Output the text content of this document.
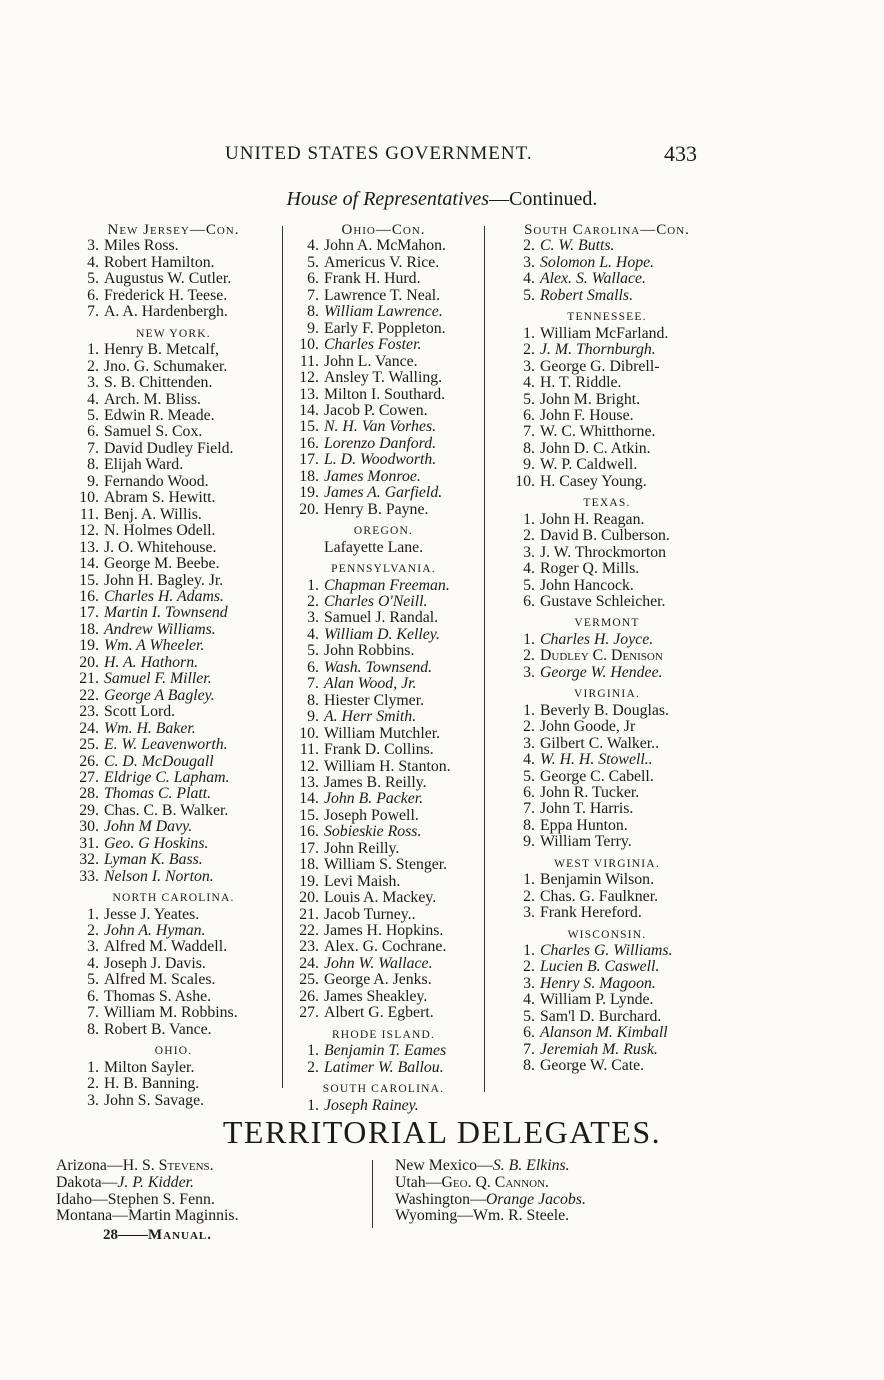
UNITED STATES GOVERNMENT.	433
House of Representatives—Continued.
New Jersey—Con.
3. Miles Ross.
4. Robert Hamilton.
5. Augustus W. Cutler.
6. Frederick H. Teese.
7. A. A. Hardenbergh.
NEW YORK.
1. Henry B. Metcalf,
2. Jno. G. Schumaker.
3. S. B. Chittenden.
4. Arch. M. Bliss.
5. Edwin R. Meade.
6. Samuel S. Cox.
7. David Dudley Field.
8. Elijah Ward.
9. Fernando Wood.
10. Abram S. Hewitt.
11. Benj. A. Willis.
12. N. Holmes Odell.
13. J. O. Whitehouse.
14. George M. Beebe.
15. John H. Bagley. Jr.
16. Charles H. Adams.
17. Martin I. Townsend
18. Andrew Williams.
19. Wm. A Wheeler.
20. H. A. Hathorn.
21. Samuel F. Miller.
22. George A Bagley.
23. Scott Lord.
24. Wm. H. Baker.
25. E. W. Leavenworth.
26. C. D. McDougall
27. Eldrige C. Lapham.
28. Thomas C. Platt.
29. Chas. C. B. Walker.
30. John M Davy.
31. Geo. G Hoskins.
32. Lyman K. Bass.
33. Nelson I. Norton.
NORTH CAROLINA.
1. Jesse J. Yeates.
2. John A. Hyman.
3. Alfred M. Waddell.
4. Joseph J. Davis.
5. Alfred M. Scales.
6. Thomas S. Ashe.
7. William M. Robbins.
8. Robert B. Vance.
OHIO.
1. Milton Sayler.
2. H. B. Banning.
3. John S. Savage.
Ohio—Con.
4. John A. McMahon.
5. Americus V. Rice.
6. Frank H. Hurd.
7. Lawrence T. Neal.
8. William Lawrence.
9. Early F. Poppleton.
10. Charles Foster.
11. John L. Vance.
12. Ansley T. Walling.
13. Milton I. Southard.
14. Jacob P. Cowen.
15. N. H. Van Vorhes.
16. Lorenzo Danford.
17. L. D. Woodworth.
18. James Monroe.
19. James A. Garfield.
20. Henry B. Payne.
OREGON.
Lafayette Lane.
PENNSYLVANIA.
1. Chapman Freeman.
2. Charles O'Neill.
3. Samuel J. Randal.
4. William D. Kelley.
5. John Robbins.
6. Wash. Townsend.
7. Alan Wood, Jr.
8. Hiester Clymer.
9. A. Herr Smith.
10. William Mutchler.
11. Frank D. Collins.
12. William H. Stanton.
13. James B. Reilly.
14. John B. Packer.
15. Joseph Powell.
16. Sobieskie Ross.
17. John Reilly.
18. William S. Stenger.
19. Levi Maish.
20. Louis A. Mackey.
21. Jacob Turney..
22. James H. Hopkins.
23. Alex. G. Cochrane.
24. John W. Wallace.
25. George A. Jenks.
26. James Sheakley.
27. Albert G. Egbert.
RHODE ISLAND.
1. Benjamin T. Eames
2. Latimer W. Ballou.
SOUTH CAROLINA.
1. Joseph Rainey.
South Carolina—Con.
2. C. W. Butts.
3. Solomon L. Hope.
4. Alex. S. Wallace.
5. Robert Smalls.
TENNESSEE.
1. William McFarland.
2. J. M. Thornburgh.
3. George G. Dibrell-
4. H. T. Riddle.
5. John M. Bright.
6. John F. House.
7. W. C. Whitthorne.
8. John D. C. Atkin.
9. W. P. Caldwell.
10. H. Casey Young.
TEXAS.
1. John H. Reagan.
2. David B. Culberson.
3. J. W. Throckmorton
4. Roger Q. Mills.
5. John Hancock.
6. Gustave Schleicher.
VERMONT
1. Charles H. Joyce.
2. Dudley C. Denison
3. George W. Hendee.
VIRGINIA.
1. Beverly B. Douglas.
2. John Goode, Jr
3. Gilbert C. Walker..
4. W. H. H. Stowell..
5. George C. Cabell.
6. John R. Tucker.
7. John T. Harris.
8. Eppa Hunton.
9. William Terry.
WEST VIRGINIA.
1. Benjamin Wilson.
2. Chas. G. Faulkner.
3. Frank Hereford.
WISCONSIN.
1. Charles G. Williams.
2. Lucien B. Caswell.
3. Henry S. Magoon.
4. William P. Lynde.
5. Sam'l D. Burchard.
6. Alanson M. Kimball
7. Jeremiah M. Rusk.
8. George W. Cate.
TERRITORIAL DELEGATES.
Arizona—H. S. Stevens.
Dakota—J. P. Kidder.
Idaho—Stephen S. Fenn.
Montana—Martin Maginnis.
New Mexico—S. B. Elkins.
Utah—Geo. Q. Cannon.
Washington—Orange Jacobs.
Wyoming—Wm. R. Steele.
28——Manual.
